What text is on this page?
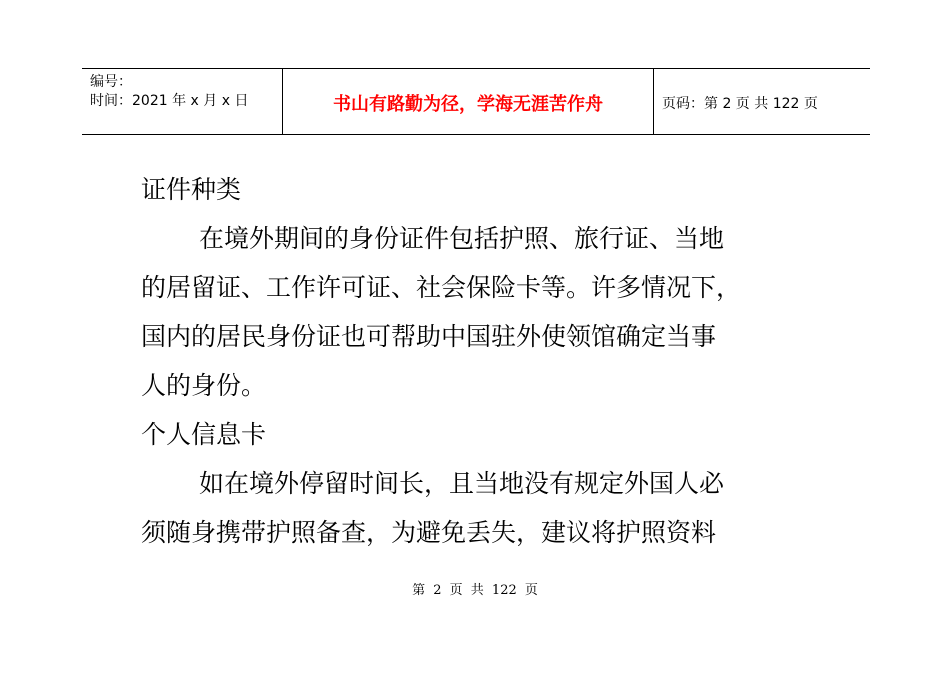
编号：
时间：2021 年 x 月 x 日	书山有路勤为径，学海无涯苦作舟	页码：第 2 页 共 122 页

证件种类

在境外期间的身份证件包括护照、旅行证、当地

的居留证、工作许可证、社会保险卡等。许多情况下，

国内的居民身份证也可帮助中国驻外使领馆确定当事

人的身份。

个人信息卡

如在境外停留时间长，且当地没有规定外国人必

须随身携带护照备查，为避免丢失，建议将护照资料

第 2 页 共 122 页
